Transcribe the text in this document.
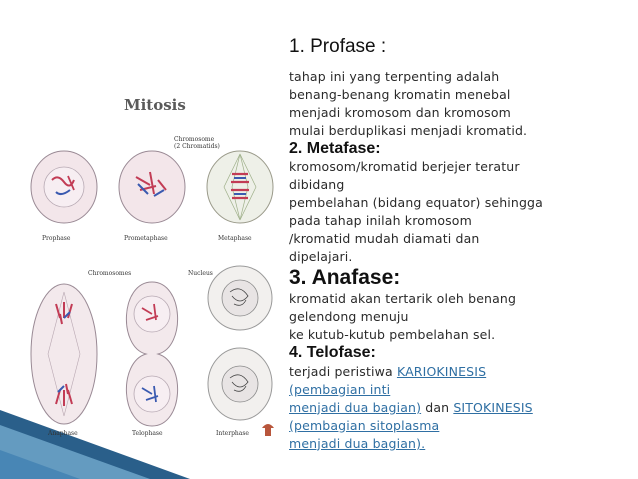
Mitosis
Chromosome
(2 Chromatids)
Prophase	Prometaphase	Metaphase
Chromosomes	Nucleus
Anaphase	Telophase	Interphase

1. Profase :

tahap ini yang terpenting adalah

benang-benang kromatin menebal

menjadi kromosom dan kromosom

mulai berduplikasi menjadi kromatid.

2. Metafase:

kromosom/kromatid berjejer teratur

dibidang

pembelahan (bidang equator) sehingga

pada tahap inilah kromosom

/kromatid mudah diamati dan

dipelajari.

3. Anafase:

kromatid akan tertarik oleh benang

gelendong menuju

ke kutub-kutub pembelahan sel.

4. Telofase:

terjadi peristiwa KARIOKINESIS

(pembagian inti

menjadi dua bagian) dan SITOKINESIS

(pembagian sitoplasma

menjadi dua bagian).
